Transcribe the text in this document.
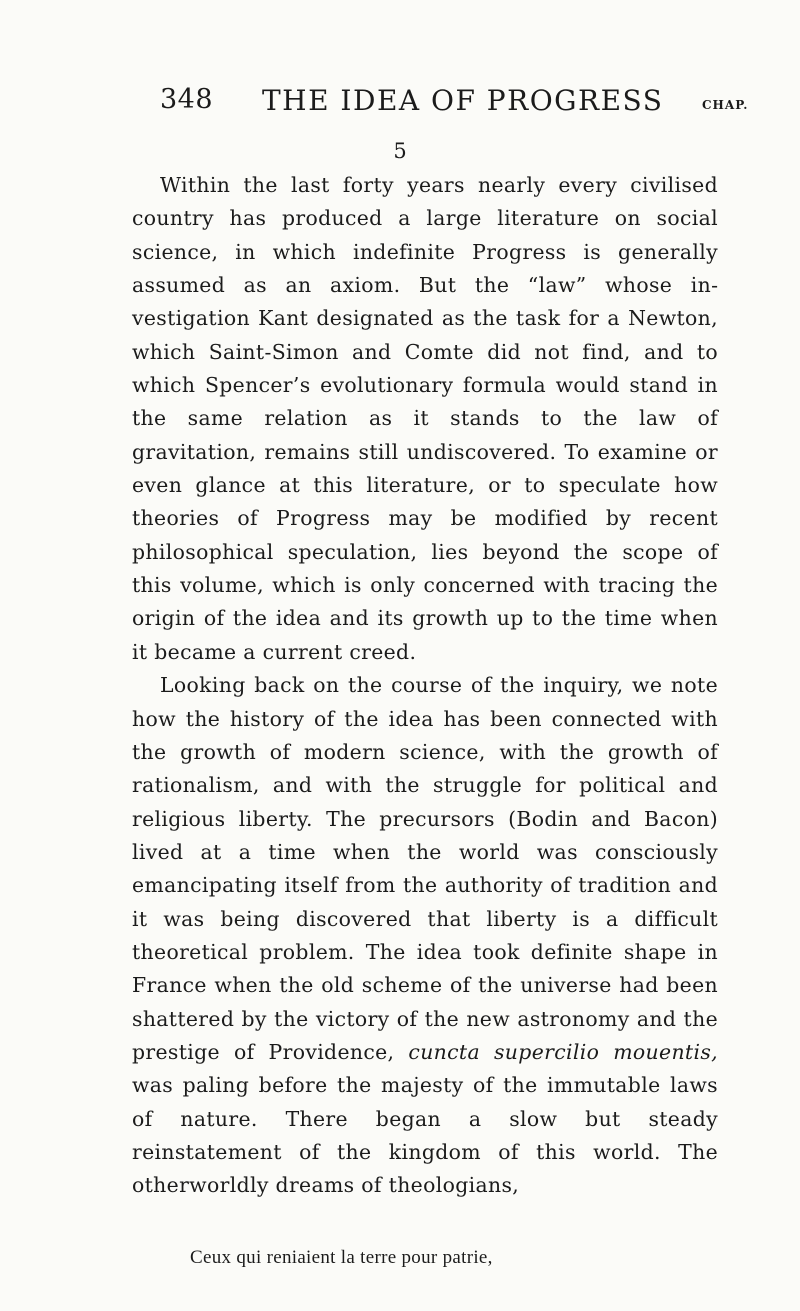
348 THE IDEA OF PROGRESS	CHAP.
5

Within the last forty years nearly every civilised country has produced a large literature on social science, in which indefinite Progress is generally assumed as an axiom. But the “law” whose investigation Kant designated as the task for a Newton, which Saint-Simon and Comte did not find, and to which Spencer’s evolutionary formula would stand in the same relation as it stands to the law of gravitation, remains still undiscovered. To examine or even glance at this literature, or to speculate how theories of Progress may be modified by recent philosophical speculation, lies beyond the scope of this volume, which is only concerned with tracing the origin of the idea and its growth up to the time when it became a current creed.

Looking back on the course of the inquiry, we note how the history of the idea has been connected with the growth of modern science, with the growth of rationalism, and with the struggle for political and religious liberty. The precursors (Bodin and Bacon) lived at a time when the world was consciously emancipating itself from the authority of tradition and it was being discovered that liberty is a difficult theoretical problem. The idea took definite shape in France when the old scheme of the universe had been shattered by the victory of the new astronomy and the prestige of Providence, cuncta supercilio mouentis, was paling before the majesty of the immutable laws of nature. There began a slow but steady reinstatement of the kingdom of this world. The otherworldly dreams of theologians,

Ceux qui reniaient la terre pour patrie,
